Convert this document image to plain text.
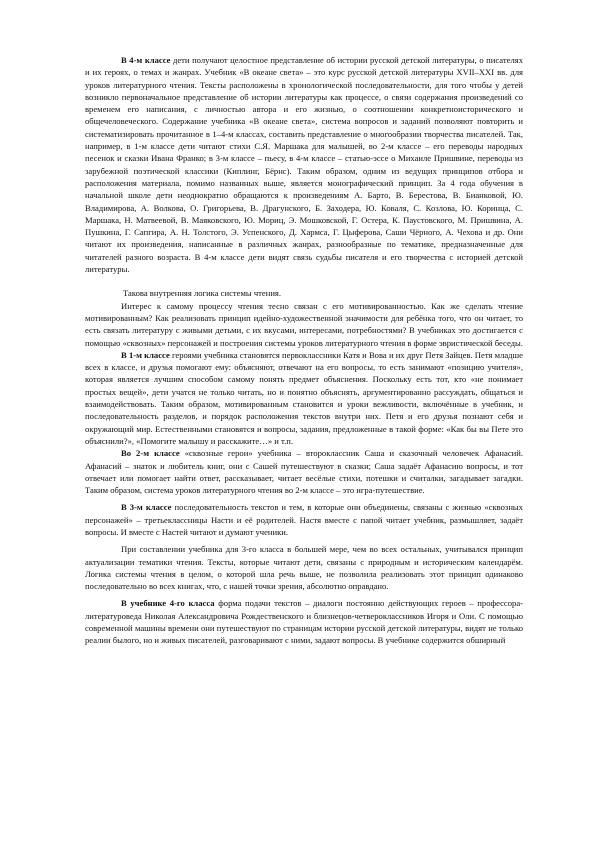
В 4-м классе дети получают целостное представление об истории русской детской литературы, о писателях и их героях, о темах и жанрах. Учебник «В океане света» – это курс русской детской литературы XVII–XXI вв. для уроков литературного чтения. Тексты расположены в хронологической последовательности, для того чтобы у детей возникло первоначальное представление об истории литературы как процессе, о связи содержания произведений со временем его написания, с личностью автора и его жизнью, о соотношении конкретноисторического и общечеловеческого. Содержание учебника «В океане света», система вопросов и заданий позволяют повторить и систематизировать прочитанное в 1–4-м классах, составить представление о многообразии творчества писателей. Так, например, в 1-м классе дети читают стихи С.Я. Маршака для малышей, во 2-м классе – его переводы народных песенок и сказки Ивана Франко; в 3-м классе – пьесу, в 4-м классе – статью-эссе о Михаиле Пришвине, переводы из зарубежной поэтической классики (Киплинг, Бёрнс). Таким образом, одним из ведущих принципов отбора и расположения материала, помимо названных выше, является монографический принцип. За 4 года обучения в начальной школе дети неоднократно обращаются к произведениям А. Барто, В. Берестова, В. Бианковой, Ю. Владимирова, А. Волкова, О. Григорьева, В. Драгунского, Б. Заходера, Ю. Коваля, С. Козлова, Ю. Коринца, С. Маршака, Н. Матвеевой, В. Маяковского, Ю. Мориц, Э. Мошковской, Г. Остера, К. Паустовского, М. Пришвина, А. Пушкина, Г. Сапгира, А. Н. Толстого, Э. Успенского, Д. Хармса, Г. Цыферова, Саши Чёрного, А. Чехова и др. Они читают их произведения, написанные в различных жанрах, разнообразные по тематике, предназначенные для читателей разного возраста. В 4-м классе дети видят связь судьбы писателя и его творчества с историей детской литературы.

Такова внутренняя логика системы чтения.

Интерес к самому процессу чтения тесно связан с его мотивированностью. Как же сделать чтение мотивированным? Как реализовать принцип идейно-художественной значимости для ребёнка того, что он читает, то есть связать литературу с живыми детьми, с их вкусами, интересами, потребностями? В учебниках это достигается с помощью «сквозных» персонажей и построения системы уроков литературного чтения в форме эвристической беседы.

В 1-м классе героями учебника становятся первоклассники Катя и Вова и их друг Петя Зайцев. Петя младше всех в классе, и друзья помогают ему: объясняют, отвечают на его вопросы, то есть занимают «позицию учителя», которая является лучшим способом самому понять предмет объяснения. Поскольку есть тот, кто «не понимает простых вещей», дети учатся не только читать, но и понятно объяснять, аргументированно рассуждать, общаться и взаимодействовать. Таким образом, мотивированным становится и уроки вежливости, включённые в учебник, и последовательность разделов, и порядок расположения текстов внутри них. Петя и его друзья познают себя и окружающий мир. Естественными становятся и вопросы, задания, предложенные в такой форме: «Как бы вы Пете это объяснили?», «Помогите малышу и расскажите…» и т.п.

Во 2-м классе «сквозные герои» учебника – второклассник Саша и сказочный человечек Афанасий. Афанасий – знаток и любитель книг, они с Сашей путешествуют в сказки; Саша задаёт Афанасию вопросы, и тот отвечает или помогает найти ответ, рассказывает, читает весёлые стихи, потешки и считалки, загадывает загадки. Таким образом, система уроков литературного чтения во 2-м классе – это игра-путешествие.

В 3-м классе последовательность текстов и тем, в которые они объединены, связаны с жизнью «сквозных персонажей» – третьеклассницы Насти и её родителей. Настя вместе с папой читает учебник, размышляет, задаёт вопросы. И вместе с Настей читают и думают ученики.

При составлении учебника для 3-го класса в большей мере, чем во всех остальных, учитывался принцип актуализации тематики чтения. Тексты, которые читают дети, связаны с природным и историческим календарём. Логика системы чтения в целом, о которой шла речь выше, не позволила реализовать этот принцип одинаково последовательно во всех книгах, что, с нашей точки зрения, абсолютно оправдано.

В учебнике 4-го класса форма подачи текстов – диалоги постоянно действующих героев – профессора-литературоведа Николая Александровича Рождественского и близнецов-четвероклассников Игоря и Оли. С помощью современной машины времени они путешествуют по страницам истории русской детской литературы, видят не только реалии былого, но и живых писателей, разговаривают с ними, задают вопросы. В учебнике содержится обширный
